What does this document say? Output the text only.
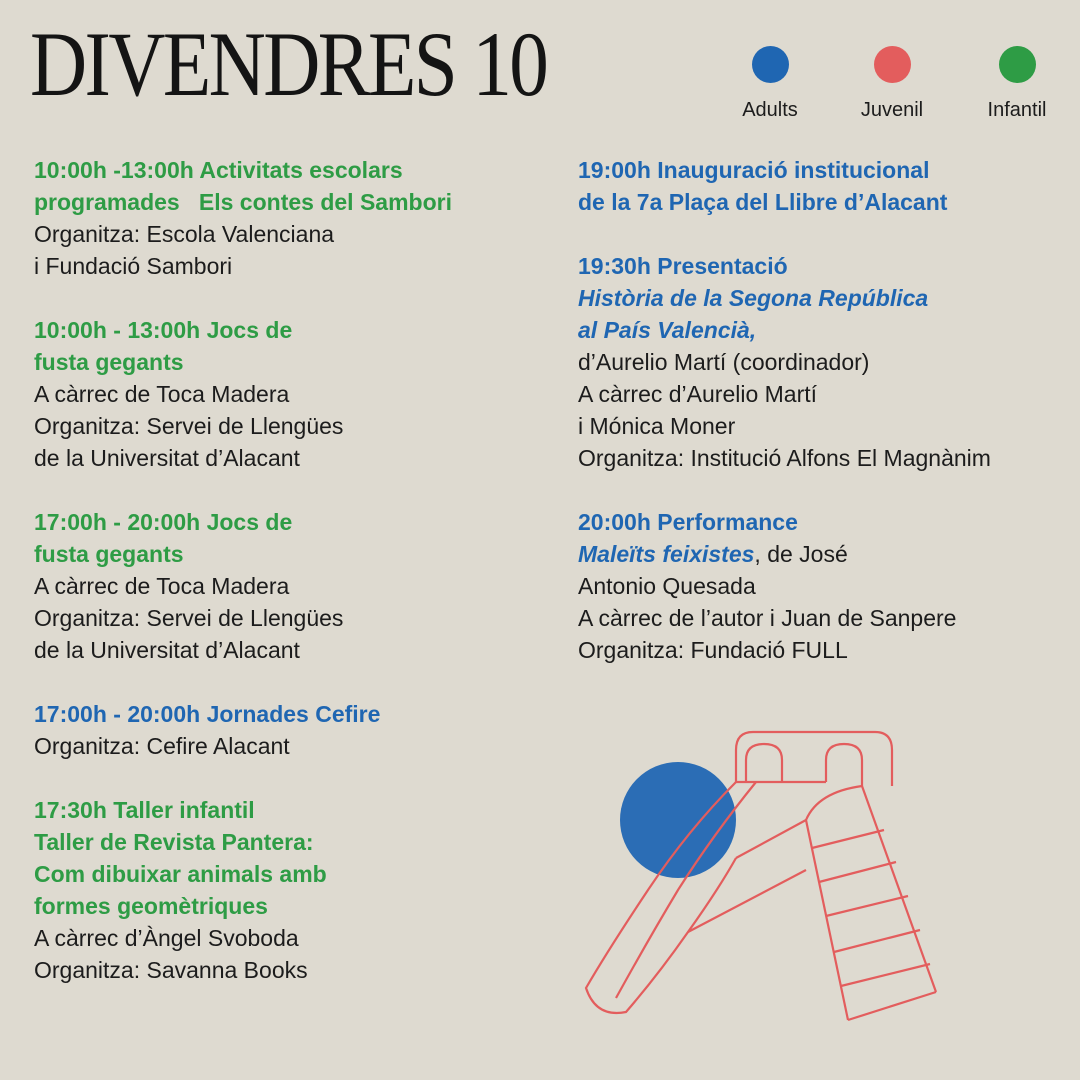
DIVENDRES 10	Adults	Juvenil	Infantil
10:00h -13:00h Activitats escolars
programades   Els contes del Sambori
Organitza: Escola Valenciana
i Fundació Sambori
10:00h - 13:00h Jocs de
fusta gegants
A càrrec de Toca Madera
Organitza: Servei de Llengües
de la Universitat d’Alacant
17:00h - 20:00h Jocs de
fusta gegants
A càrrec de Toca Madera
Organitza: Servei de Llengües
de la Universitat d’Alacant
17:00h - 20:00h Jornades Cefire
Organitza: Cefire Alacant
17:30h Taller infantil
Taller de Revista Pantera:
Com dibuixar animals amb
formes geomètriques
A càrrec d’Àngel Svoboda
Organitza: Savanna Books
19:00h Inauguració institucional
de la 7a Plaça del Llibre d’Alacant
19:30h Presentació
Història de la Segona República
al País Valencià,
d’Aurelio Martí (coordinador)
A càrrec d’Aurelio Martí
i Mónica Moner
Organitza: Institució Alfons El Magnànim
20:00h Performance
Maleïts feixistes, de José
Antonio Quesada
A càrrec de l’autor i Juan de Sanpere
Organitza: Fundació FULL
